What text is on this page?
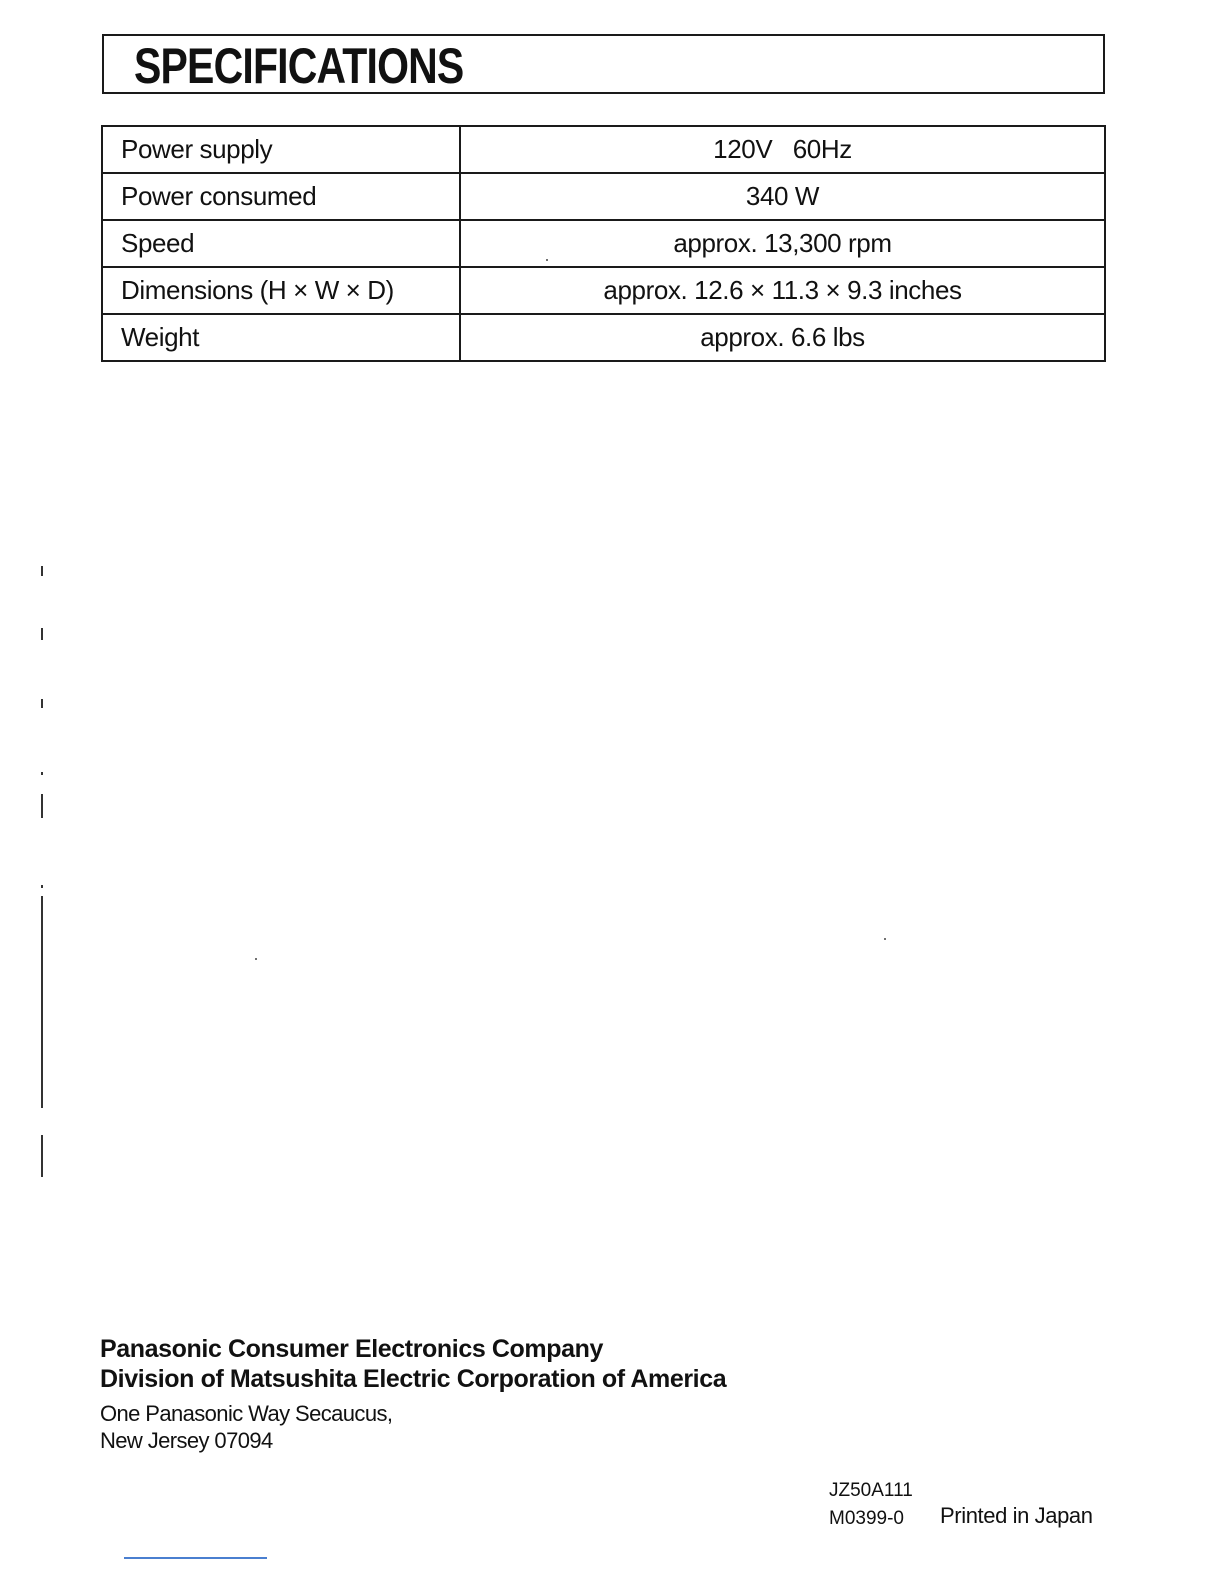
SPECIFICATIONS
Power supply	120V   60Hz
Power consumed	340 W
Speed	approx. 13,300 rpm
Dimensions (H × W × D)	approx. 12.6 × 11.3 × 9.3 inches
Weight	approx. 6.6 lbs
Panasonic Consumer Electronics Company
Division of Matsushita Electric Corporation of America
One Panasonic Way Secaucus,
New Jersey 07094
JZ50A111
M0399-0	Printed in Japan
